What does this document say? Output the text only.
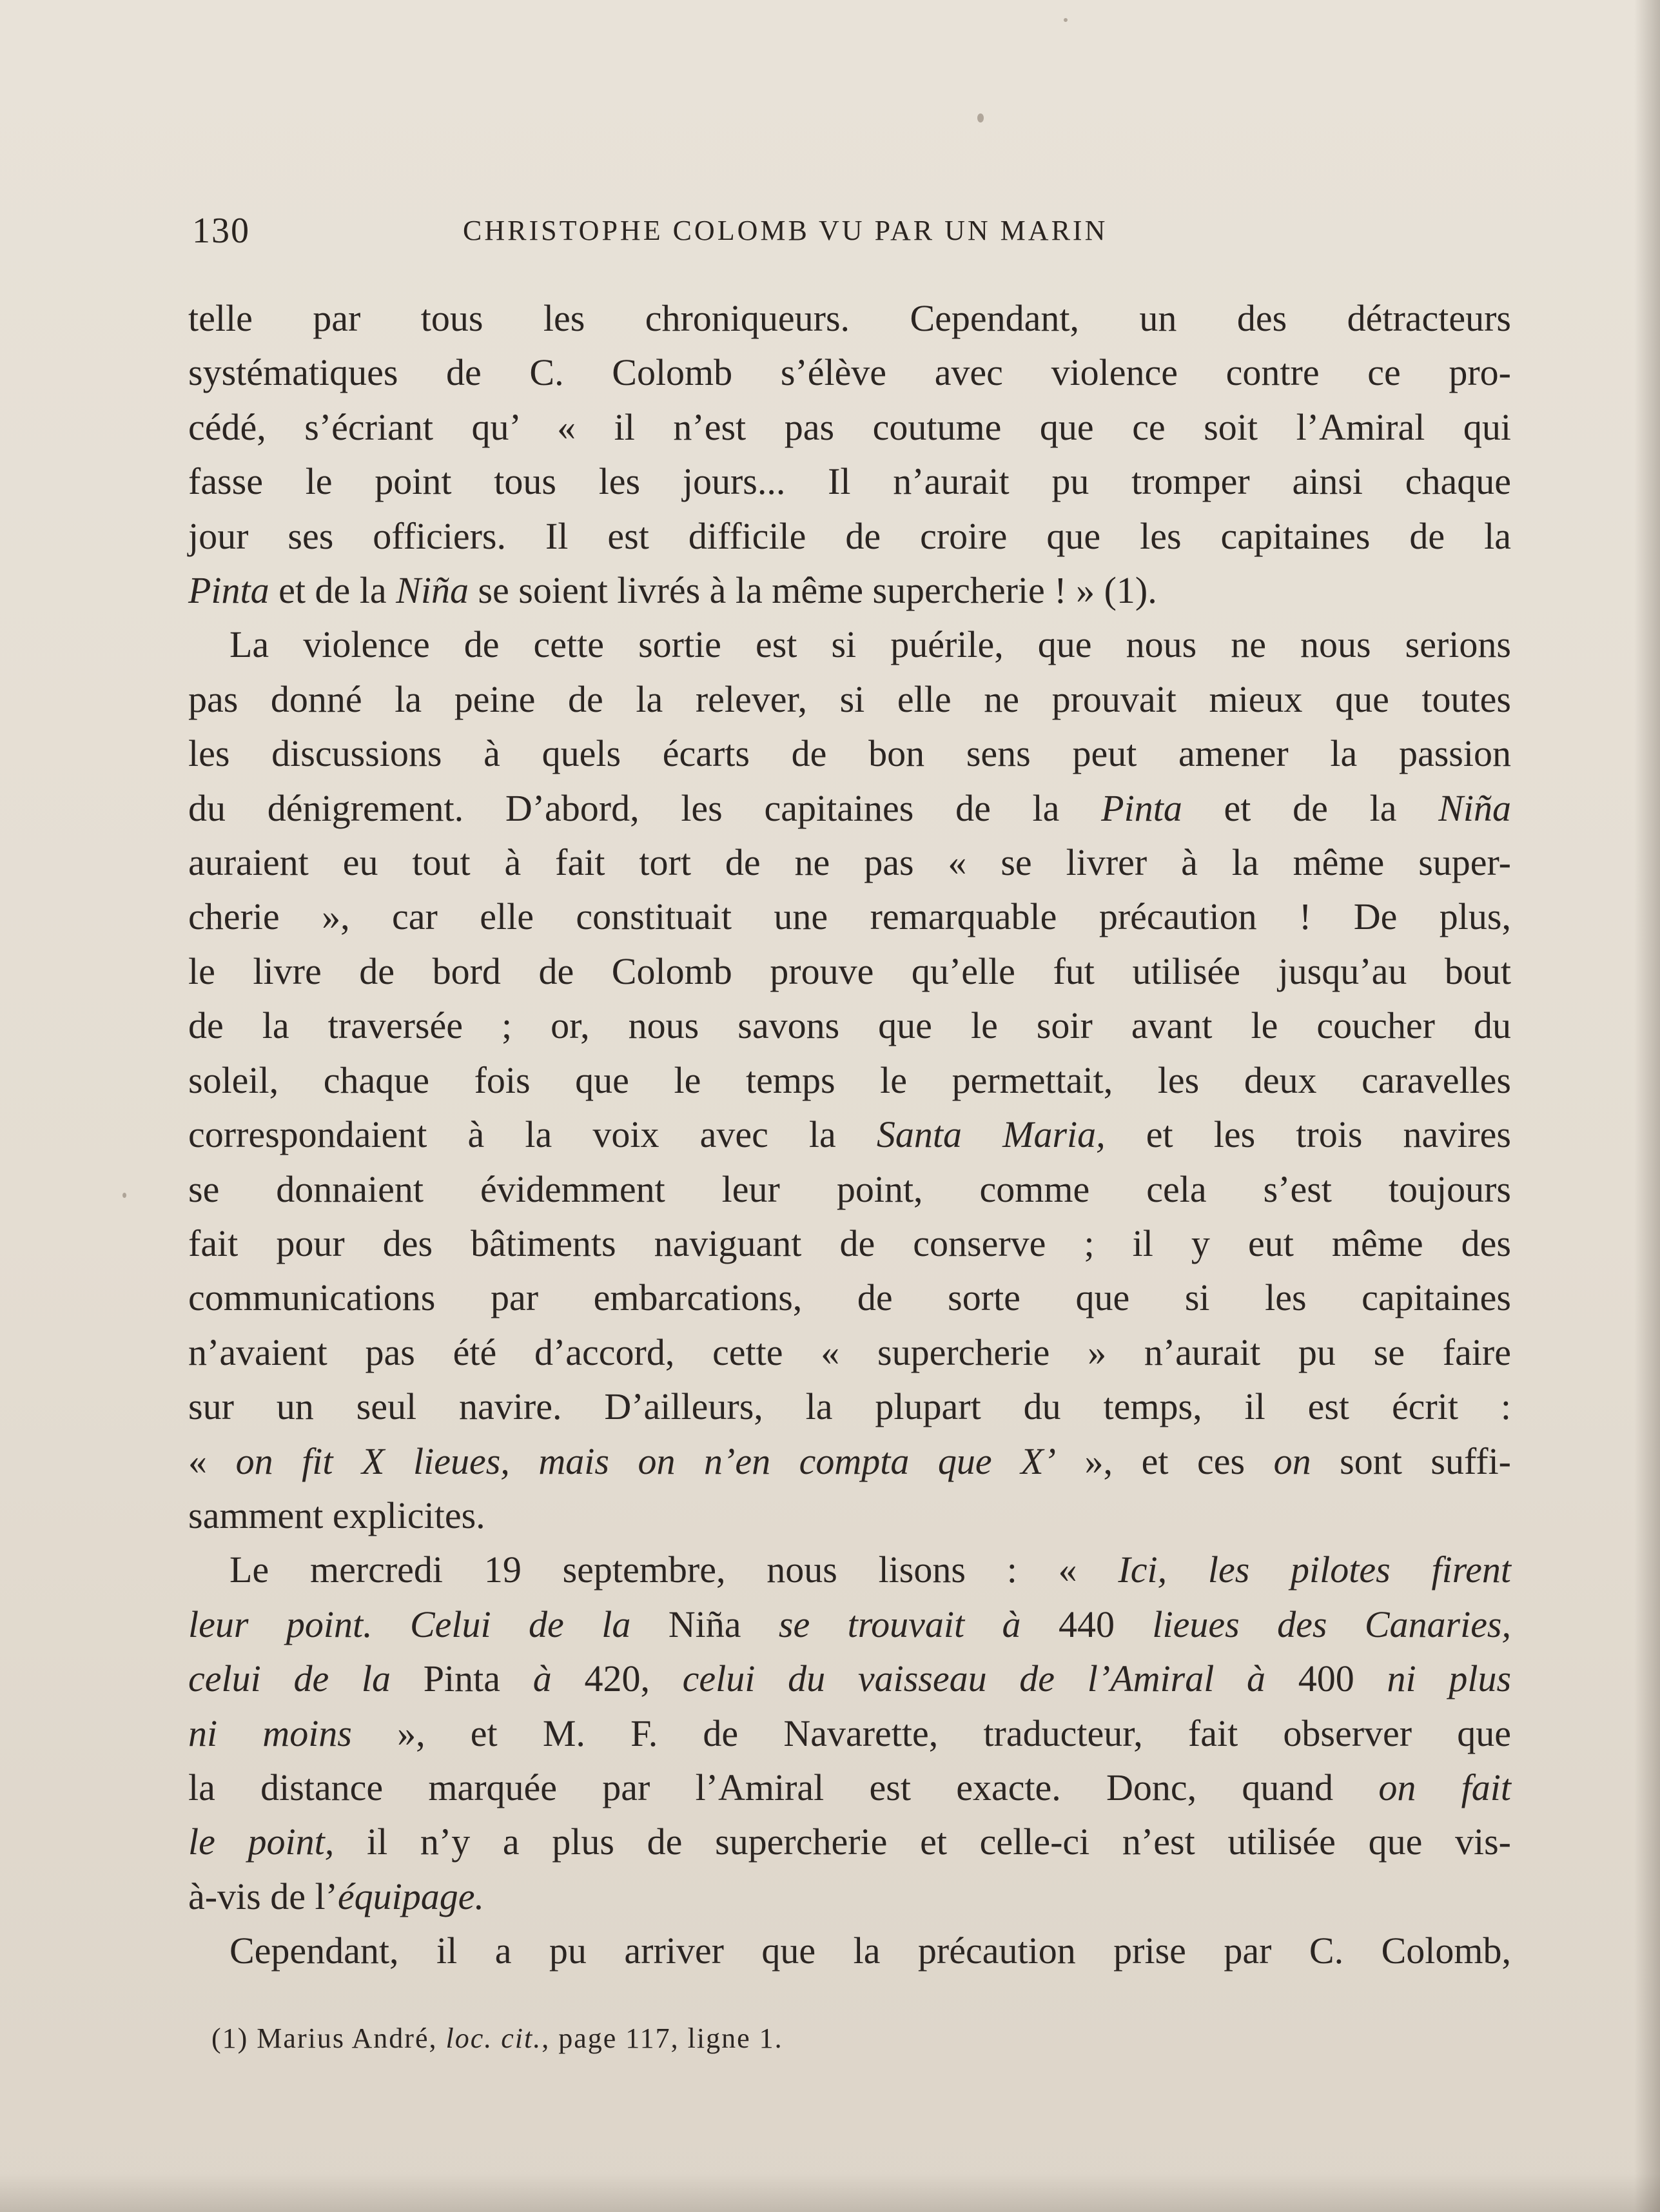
130	CHRISTOPHE COLOMB VU PAR UN MARIN
telle par tous les chroniqueurs. Cependant, un des détracteurs
systématiques de C. Colomb s’élève avec violence contre ce pro-
cédé, s’écriant qu’ « il n’est pas coutume que ce soit l’Amiral qui
fasse le point tous les jours... Il n’aurait pu tromper ainsi chaque
jour ses officiers. Il est difficile de croire que les capitaines de la
Pinta et de la Niña se soient livrés à la même supercherie ! » (1).
La violence de cette sortie est si puérile, que nous ne nous serions
pas donné la peine de la relever, si elle ne prouvait mieux que toutes
les discussions à quels écarts de bon sens peut amener la passion
du dénigrement. D’abord, les capitaines de la Pinta et de la Niña
auraient eu tout à fait tort de ne pas « se livrer à la même super-
cherie », car elle constituait une remarquable précaution ! De plus,
le livre de bord de Colomb prouve qu’elle fut utilisée jusqu’au bout
de la traversée ; or, nous savons que le soir avant le coucher du
soleil, chaque fois que le temps le permettait, les deux caravelles
correspondaient à la voix avec la Santa Maria, et les trois navires
se donnaient évidemment leur point, comme cela s’est toujours
fait pour des bâtiments naviguant de conserve ; il y eut même des
communications par embarcations, de sorte que si les capitaines
n’avaient pas été d’accord, cette « supercherie » n’aurait pu se faire
sur un seul navire. D’ailleurs, la plupart du temps, il est écrit :
« on fit X lieues, mais on n’en compta que X’ », et ces on sont suffi-
samment explicites.
Le mercredi 19 septembre, nous lisons : « Ici, les pilotes firent
leur point. Celui de la Niña se trouvait à 440 lieues des Canaries,
celui de la Pinta à 420, celui du vaisseau de l’Amiral à 400 ni plus
ni moins », et M. F. de Navarette, traducteur, fait observer que
la distance marquée par l’Amiral est exacte. Donc, quand on fait
le point, il n’y a plus de supercherie et celle-ci n’est utilisée que vis-
à-vis de l’équipage.
Cependant, il a pu arriver que la précaution prise par C. Colomb,
(1) Marius André, loc. cit., page 117, ligne 1.
